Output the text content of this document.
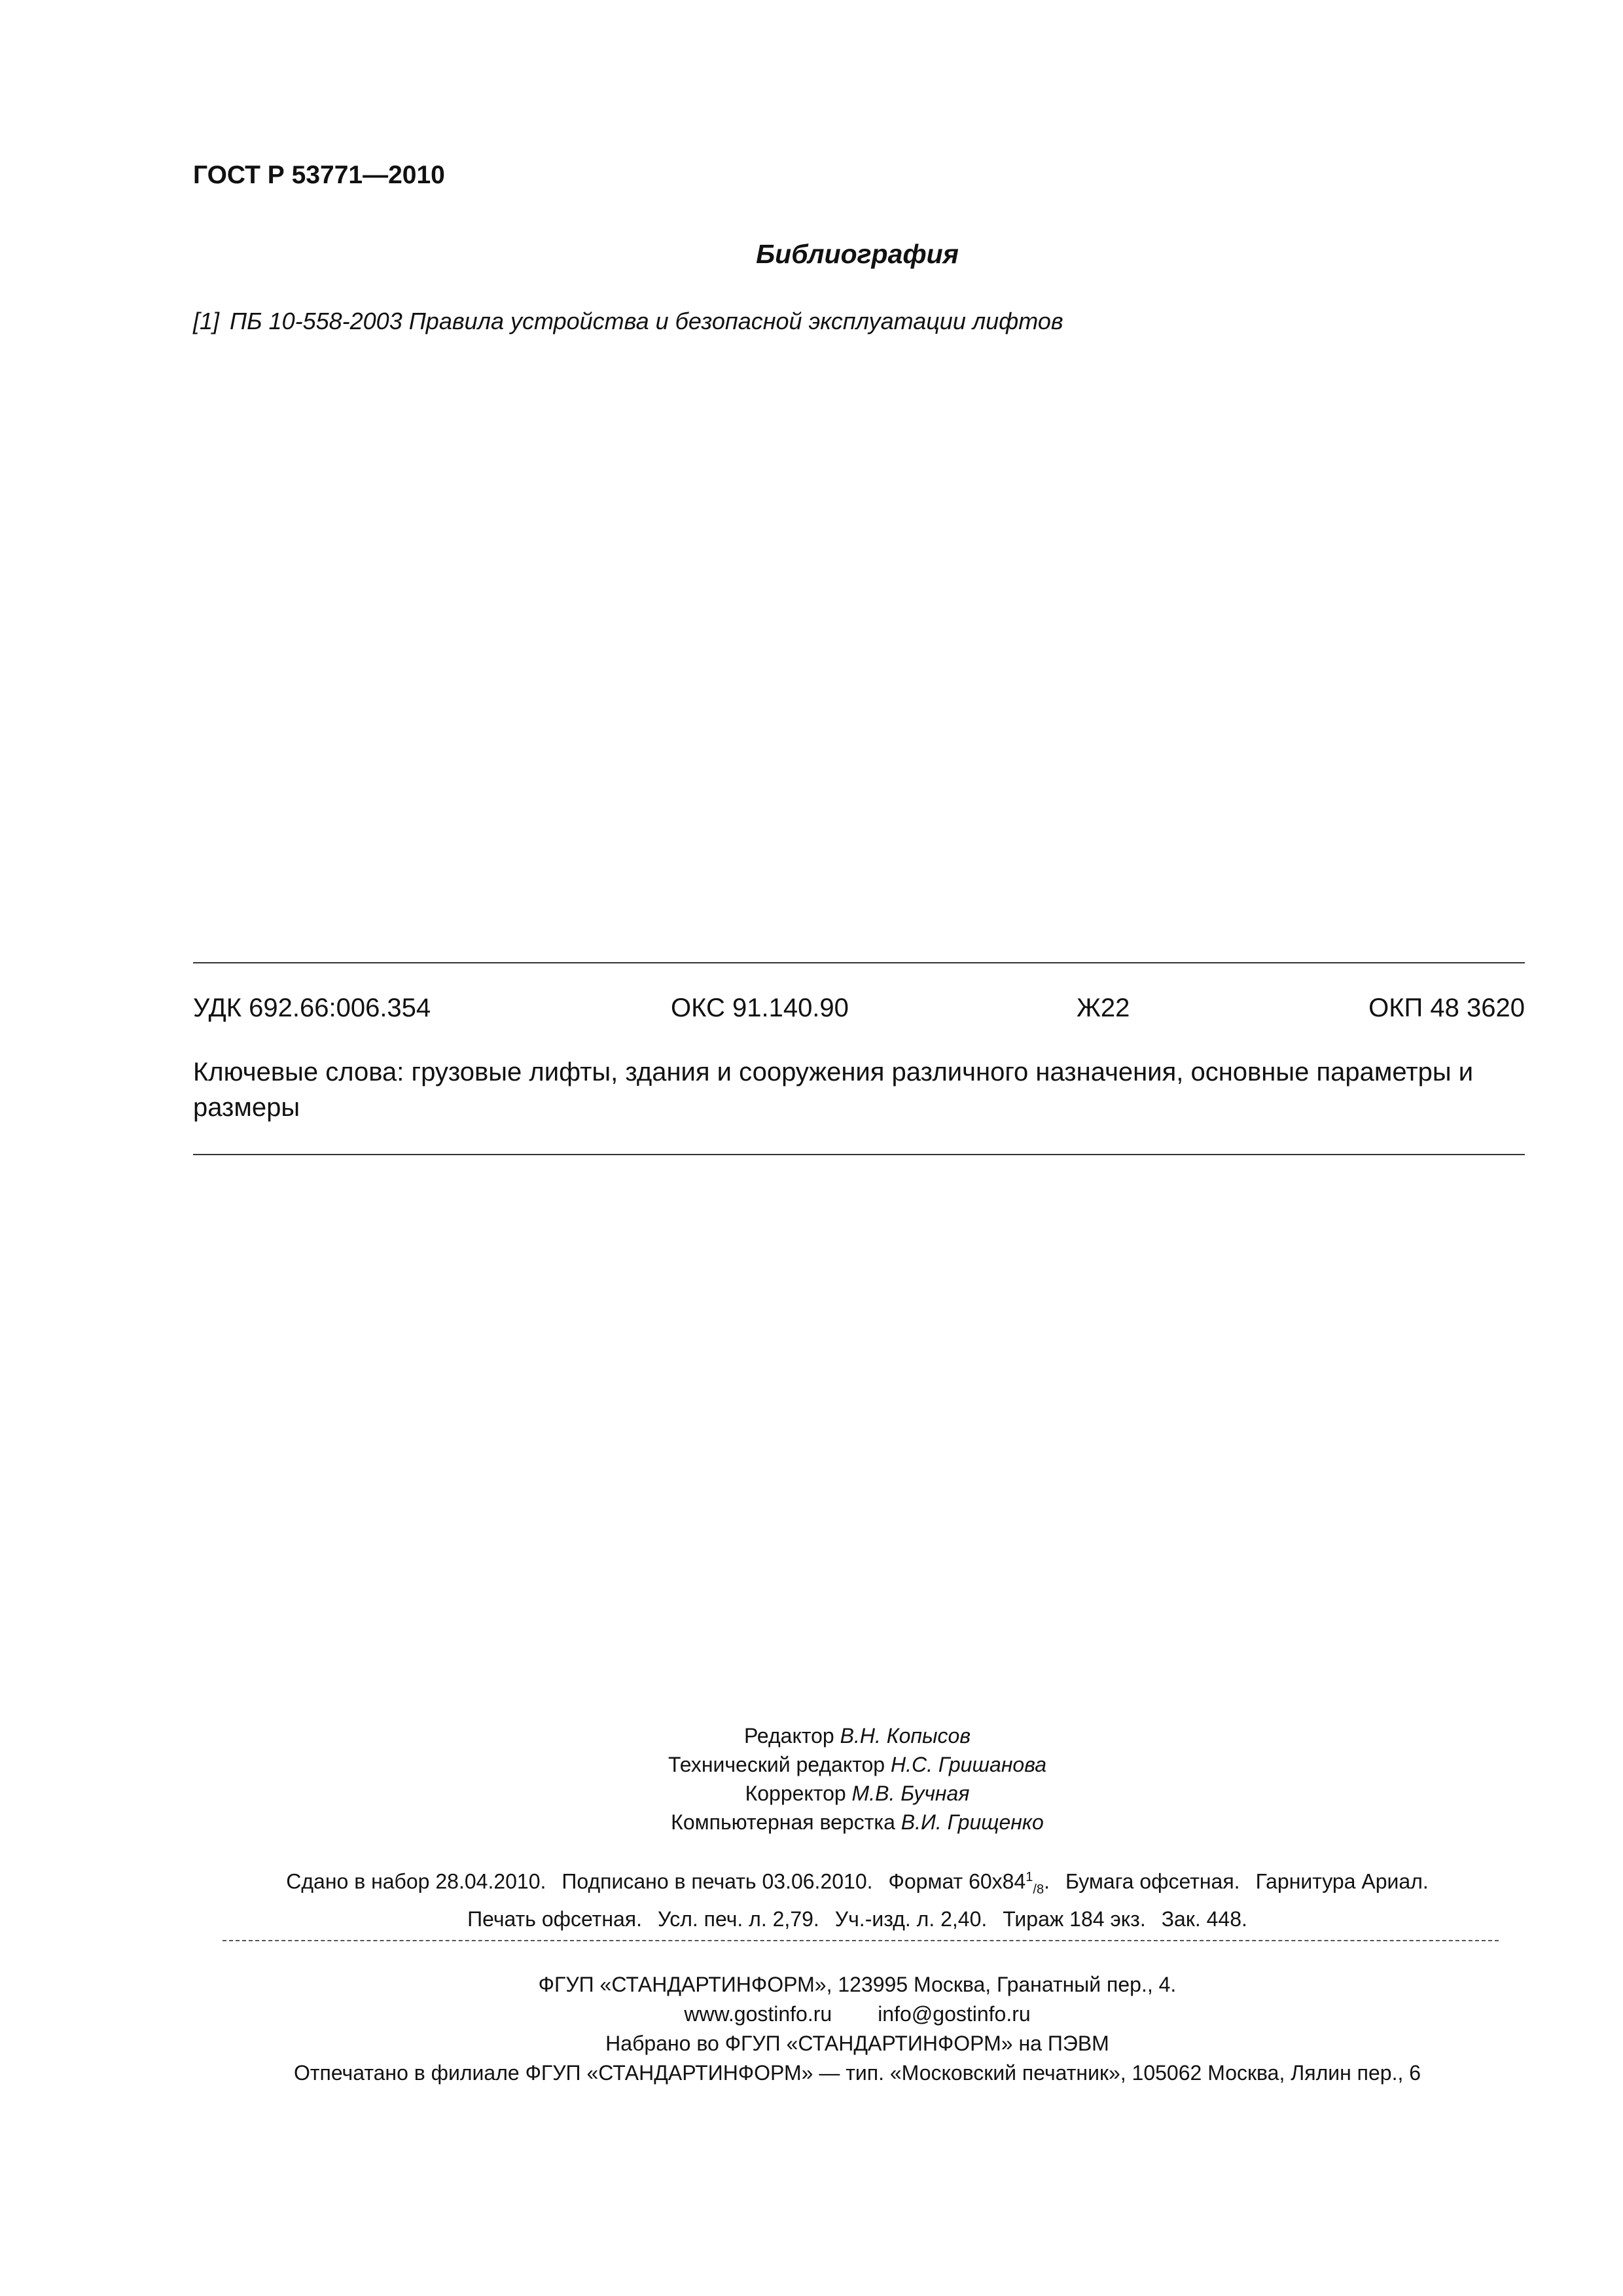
ГОСТ Р 53771—2010
Библиография
[1] ПБ 10-558-2003 Правила устройства и безопасной эксплуатации лифтов
УДК 692.66:006.354	ОКС 91.140.90	Ж22	ОКП 48 3620
Ключевые слова: грузовые лифты, здания и сооружения различного назначения, основные параметры и размеры
Редактор В.Н. Копысов
Технический редактор Н.С. Гришанова
Корректор М.В. Бучная
Компьютерная верстка В.И. Грищенко
Сдано в набор 28.04.2010. Подписано в печать 03.06.2010. Формат $60x84^1_{/8}$. Бумага офсетная. Гарнитура Ариал.
Печать офсетная. Усл. печ. л. 2,79. Уч.-изд. л. 2,40. Тираж 184 экз. Зак. 448.
ФГУП «СТАНДАРТИНФОРМ», 123995 Москва, Гранатный пер., 4.
www.gostinfo.ru info@gostinfo.ru
Набрано во ФГУП «СТАНДАРТИНФОРМ» на ПЭВМ
Отпечатано в филиале ФГУП «СТАНДАРТИНФОРМ» — тип. «Московский печатник», 105062 Москва, Лялин пер., 6
